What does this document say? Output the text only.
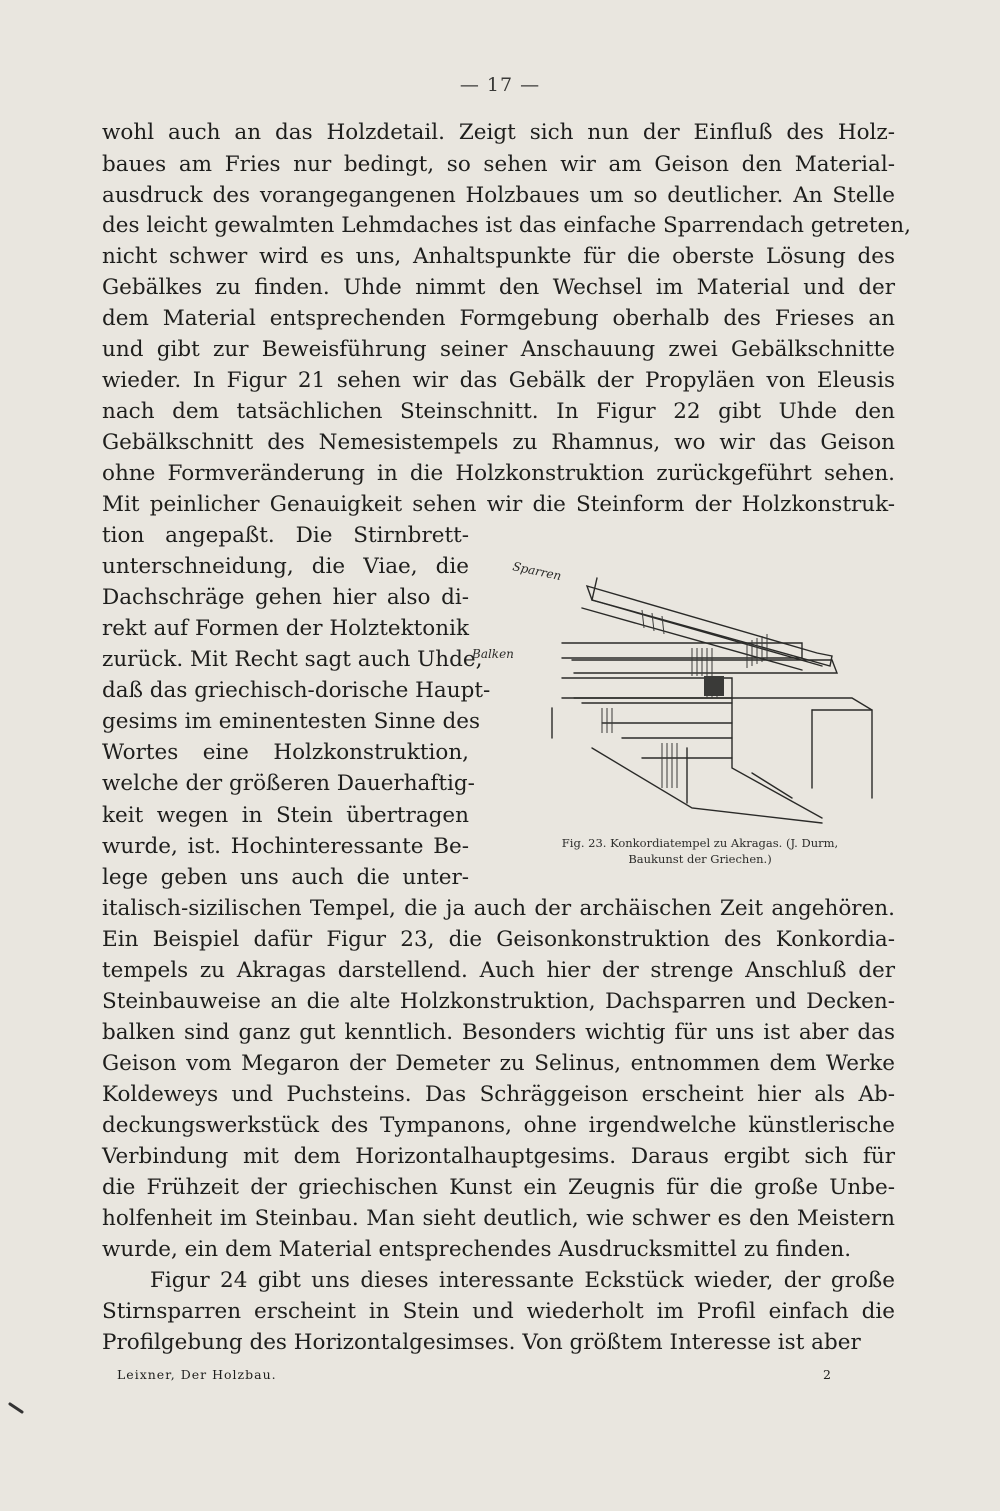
— 17 —
wohl auch an das Holzdetail. Zeigt sich nun der Einfluß des Holz-
baues am Fries nur bedingt, so sehen wir am Geison den Material-
ausdruck des vorangegangenen Holzbaues um so deutlicher. An Stelle
des leicht gewalmten Lehmdaches ist das einfache Sparrendach getreten,
nicht schwer wird es uns, Anhaltspunkte für die oberste Lösung des
Gebälkes zu finden. Uhde nimmt den Wechsel im Material und der
dem Material entsprechenden Formgebung oberhalb des Frieses an
und gibt zur Beweisführung seiner Anschauung zwei Gebälkschnitte
wieder. In Figur 21 sehen wir das Gebälk der Propyläen von Eleusis
nach dem tatsächlichen Steinschnitt. In Figur 22 gibt Uhde den
Gebälkschnitt des Nemesistempels zu Rhamnus, wo wir das Geison
ohne Formveränderung in die Holzkonstruktion zurückgeführt sehen.
Mit peinlicher Genauigkeit sehen wir die Steinform der Holzkonstruk-
tion angepaßt. Die Stirnbrett-
unterschneidung, die Viae, die
Dachschräge gehen hier also di-
rekt auf Formen der Holztektonik
zurück. Mit Recht sagt auch Uhde,
daß das griechisch-dorische Haupt-
gesims im eminentesten Sinne des
Wortes eine Holzkonstruktion,
welche der größeren Dauerhaftig-
keit wegen in Stein übertragen
wurde, ist. Hochinteressante Be-
lege geben uns auch die unter-
italisch-sizilischen Tempel, die ja auch der archäischen Zeit angehören.
Ein Beispiel dafür Figur 23, die Geisonkonstruktion des Konkordia-
tempels zu Akragas darstellend. Auch hier der strenge Anschluß der
Steinbauweise an die alte Holzkonstruktion, Dachsparren und Decken-
balken sind ganz gut kenntlich. Besonders wichtig für uns ist aber das
Geison vom Megaron der Demeter zu Selinus, entnommen dem Werke
Koldeweys und Puchsteins. Das Schräggeison erscheint hier als Ab-
deckungswerkstück des Tympanons, ohne irgendwelche künstlerische
Verbindung mit dem Horizontalhauptgesims. Daraus ergibt sich für
die Frühzeit der griechischen Kunst ein Zeugnis für die große Unbe-
holfenheit im Steinbau. Man sieht deutlich, wie schwer es den Meistern
wurde, ein dem Material entsprechendes Ausdrucksmittel zu finden.
Figur 24 gibt uns dieses interessante Eckstück wieder, der große
Stirnsparren erscheint in Stein und wiederholt im Profil einfach die
Profilgebung des Horizontalgesimses. Von größtem Interesse ist aber
Sparren
Balken
Fig. 23. Konkordiatempel zu Akragas. (J. Durm,
Baukunst der Griechen.)
Leixner, Der Holzbau.	2
